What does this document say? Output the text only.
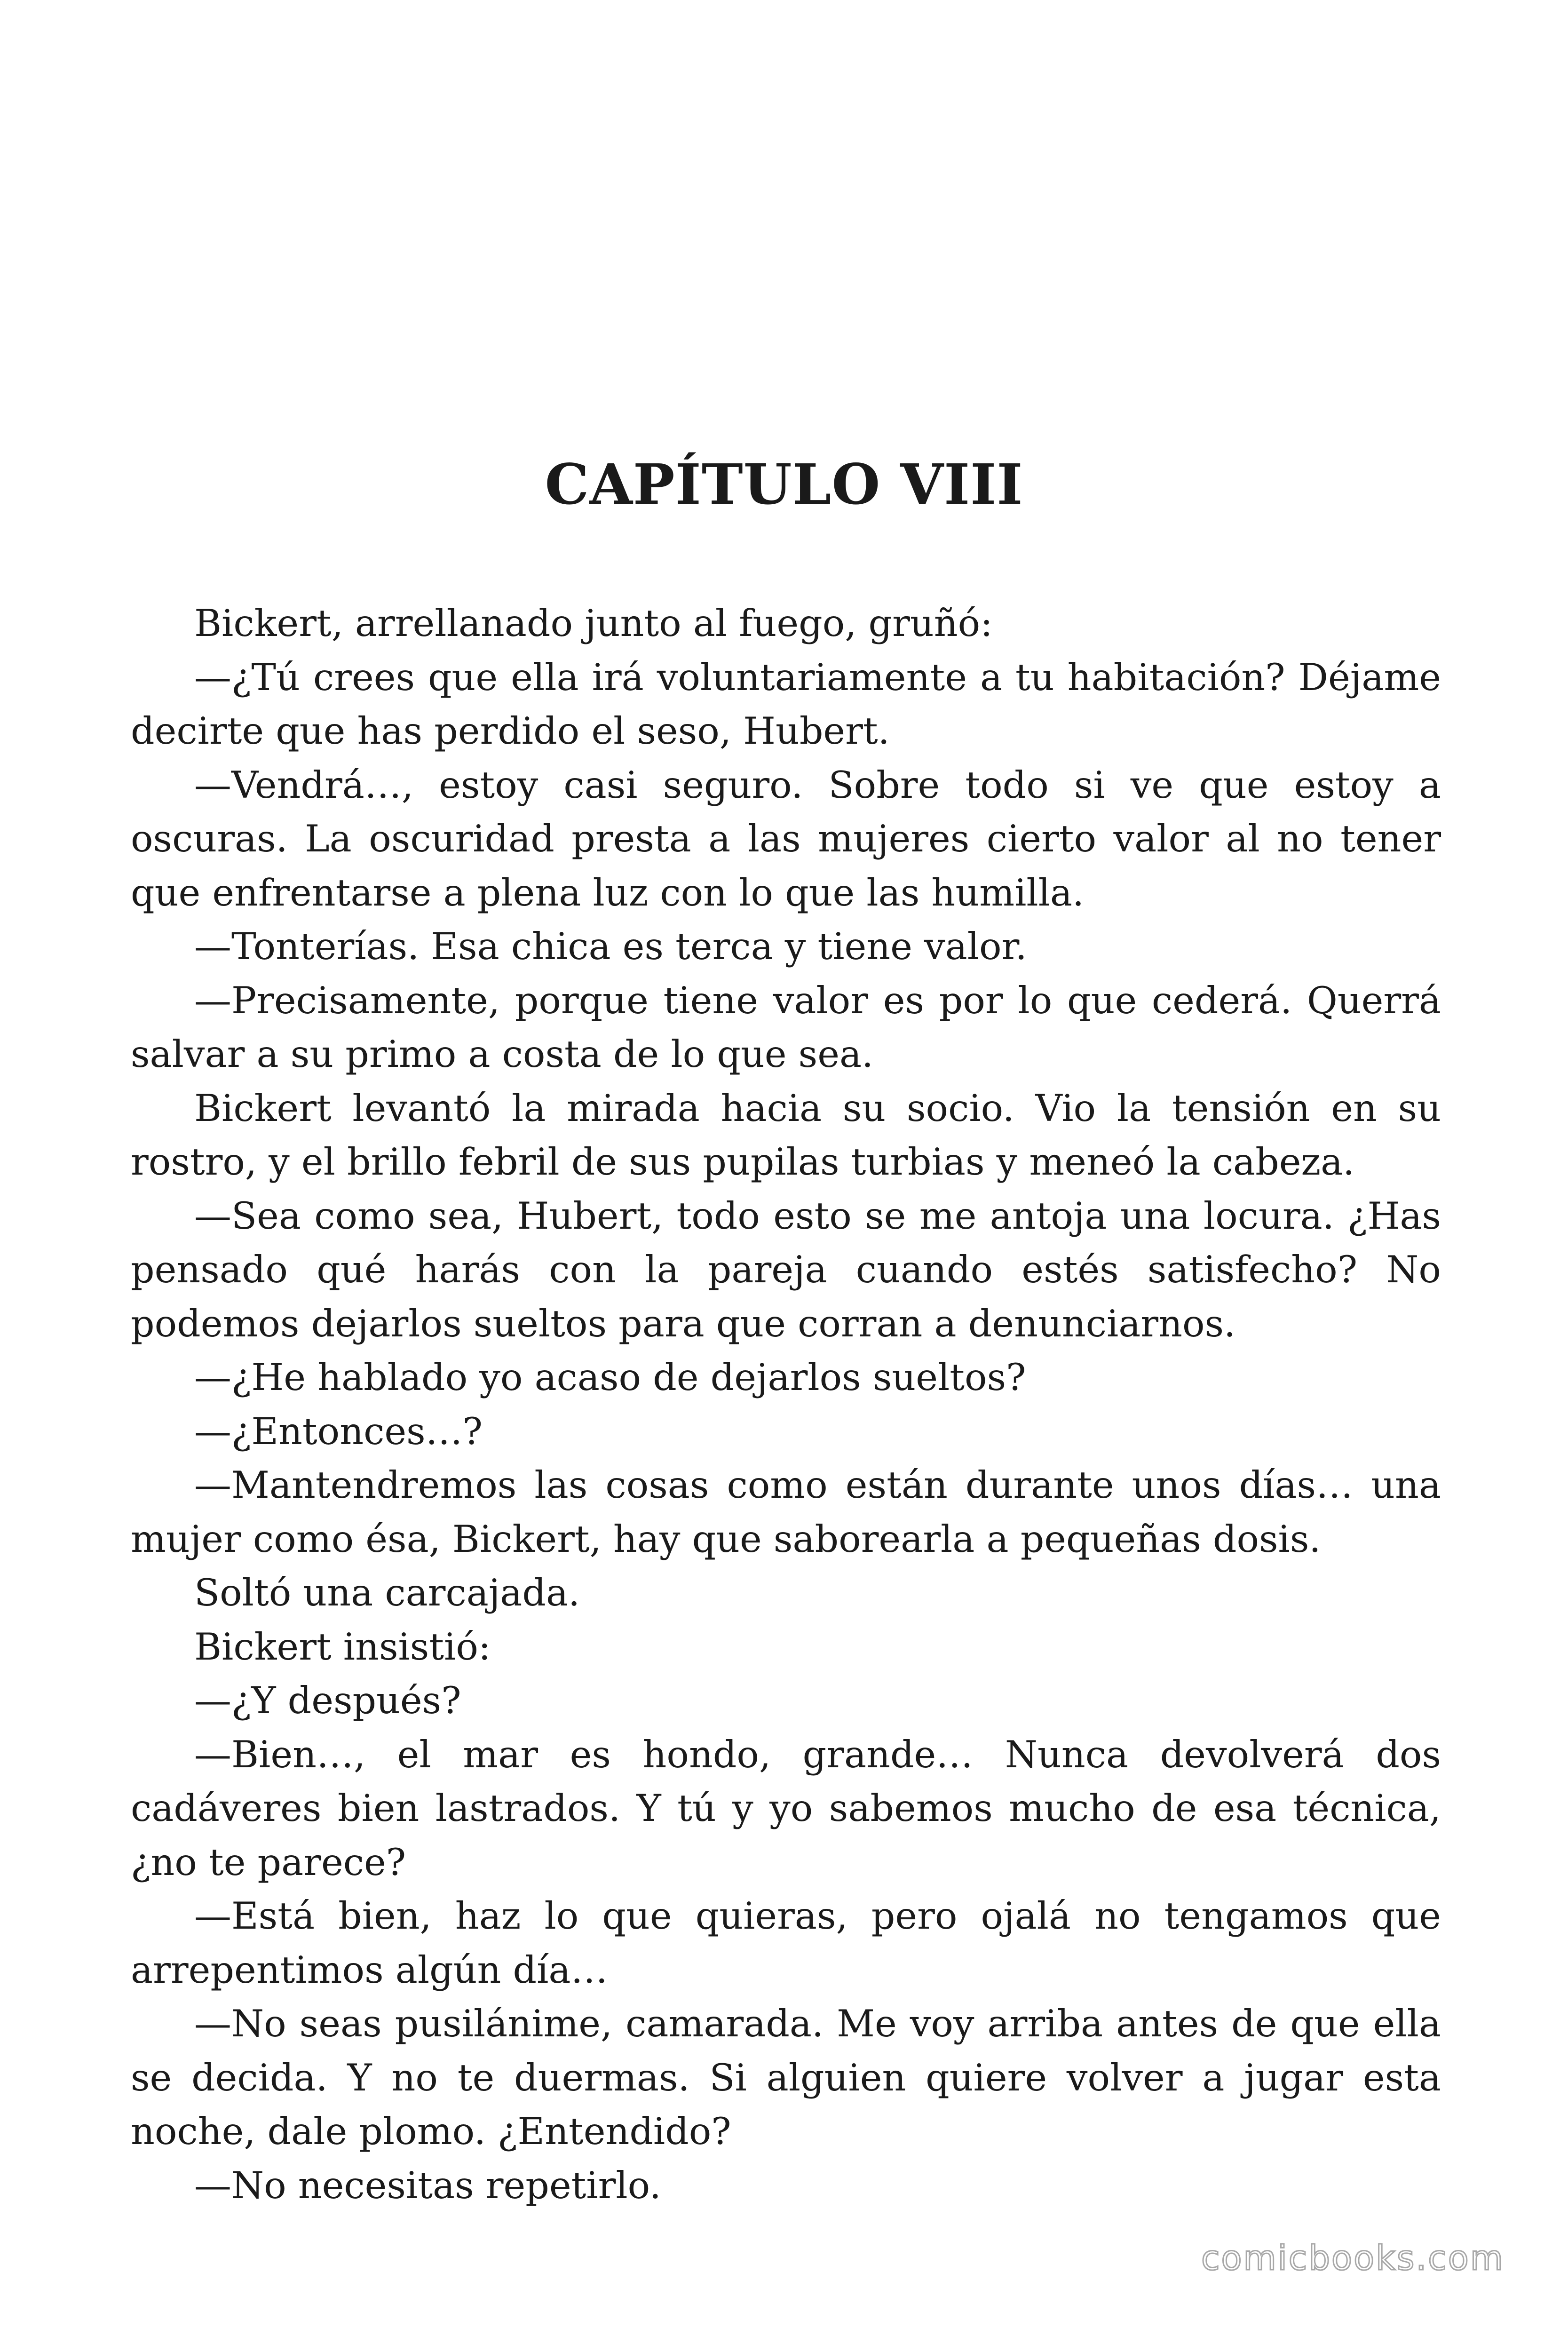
CAPÍTULO VIII

Bickert, arrellanado junto al fuego, gruñó:

—¿Tú crees que ella irá voluntariamente a tu habitación? Déjame decirte que has perdido el seso, Hubert.

—Vendrá…, estoy casi seguro. Sobre todo si ve que estoy a oscuras. La oscuridad presta a las mujeres cierto valor al no tener que enfrentarse a plena luz con lo que las humilla.

—Tonterías. Esa chica es terca y tiene valor.

—Precisamente, porque tiene valor es por lo que cederá. Querrá salvar a su primo a costa de lo que sea.

Bickert levantó la mirada hacia su socio. Vio la tensión en su rostro, y el brillo febril de sus pupilas turbias y meneó la cabeza.

—Sea como sea, Hubert, todo esto se me antoja una locura. ¿Has pensado qué harás con la pareja cuando estés satisfecho? No podemos dejarlos sueltos para que corran a denunciarnos.

—¿He hablado yo acaso de dejarlos sueltos?

—¿Entonces…?

—Mantendremos las cosas como están durante unos días… una mujer como ésa, Bickert, hay que saborearla a pequeñas dosis.

Soltó una carcajada.

Bickert insistió:

—¿Y después?

—Bien…, el mar es hondo, grande… Nunca devolverá dos cadáveres bien lastrados. Y tú y yo sabemos mucho de esa técnica, ¿no te parece?

—Está bien, haz lo que quieras, pero ojalá no tengamos que arrepentimos algún día…

—No seas pusilánime, camarada. Me voy arriba antes de que ella se decida. Y no te duermas. Si alguien quiere volver a jugar esta noche, dale plomo. ¿Entendido?

—No necesitas repetirlo.

comicbooks.com
